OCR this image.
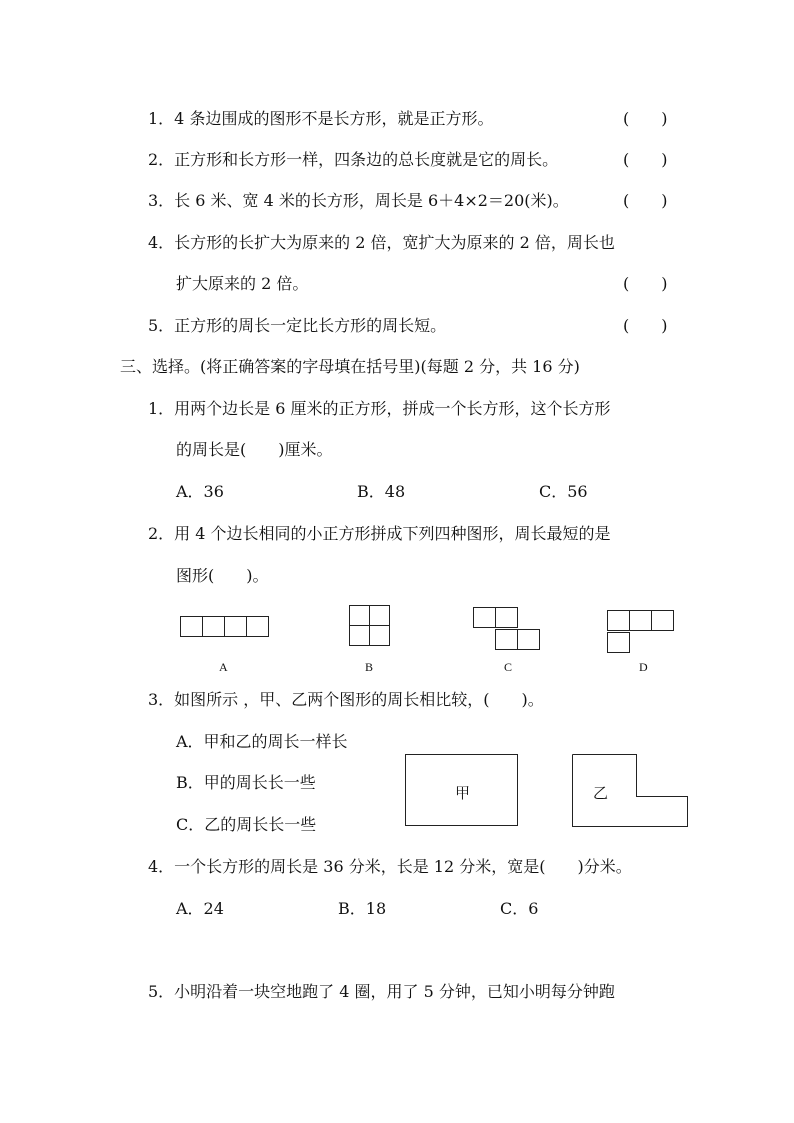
1．4 条边围成的图形不是长方形，就是正方形。	(　　)
2．正方形和长方形一样，四条边的总长度就是它的周长。	(　　)
3．长 6 米、宽 4 米的长方形，周长是 6＋4×2＝20(米)。	(　　)
4．长方形的长扩大为原来的 2 倍，宽扩大为原来的 2 倍，周长也
扩大原来的 2 倍。	(　　)
5．正方形的周长一定比长方形的周长短。	(　　)
三、选择。(将正确答案的字母填在括号里)(每题 2 分，共 16 分)
1．用两个边长是 6 厘米的正方形，拼成一个长方形，这个长方形
的周长是(　　)厘米。
A．36	B．48	C．56
2．用 4 个边长相同的小正方形拼成下列四种图形，周长最短的是
图形(　　)。
A	B	C	D
3．如图所示 ，甲、乙两个图形的周长相比较，(　　)。
A．甲和乙的周长一样长
B．甲的周长长一些
C．乙的周长长一些
甲	乙
4．一个长方形的周长是 36 分米，长是 12 分米，宽是(　　)分米。
A．24	B．18	C．6
5．小明沿着一块空地跑了 4 圈，用了 5 分钟，已知小明每分钟跑
